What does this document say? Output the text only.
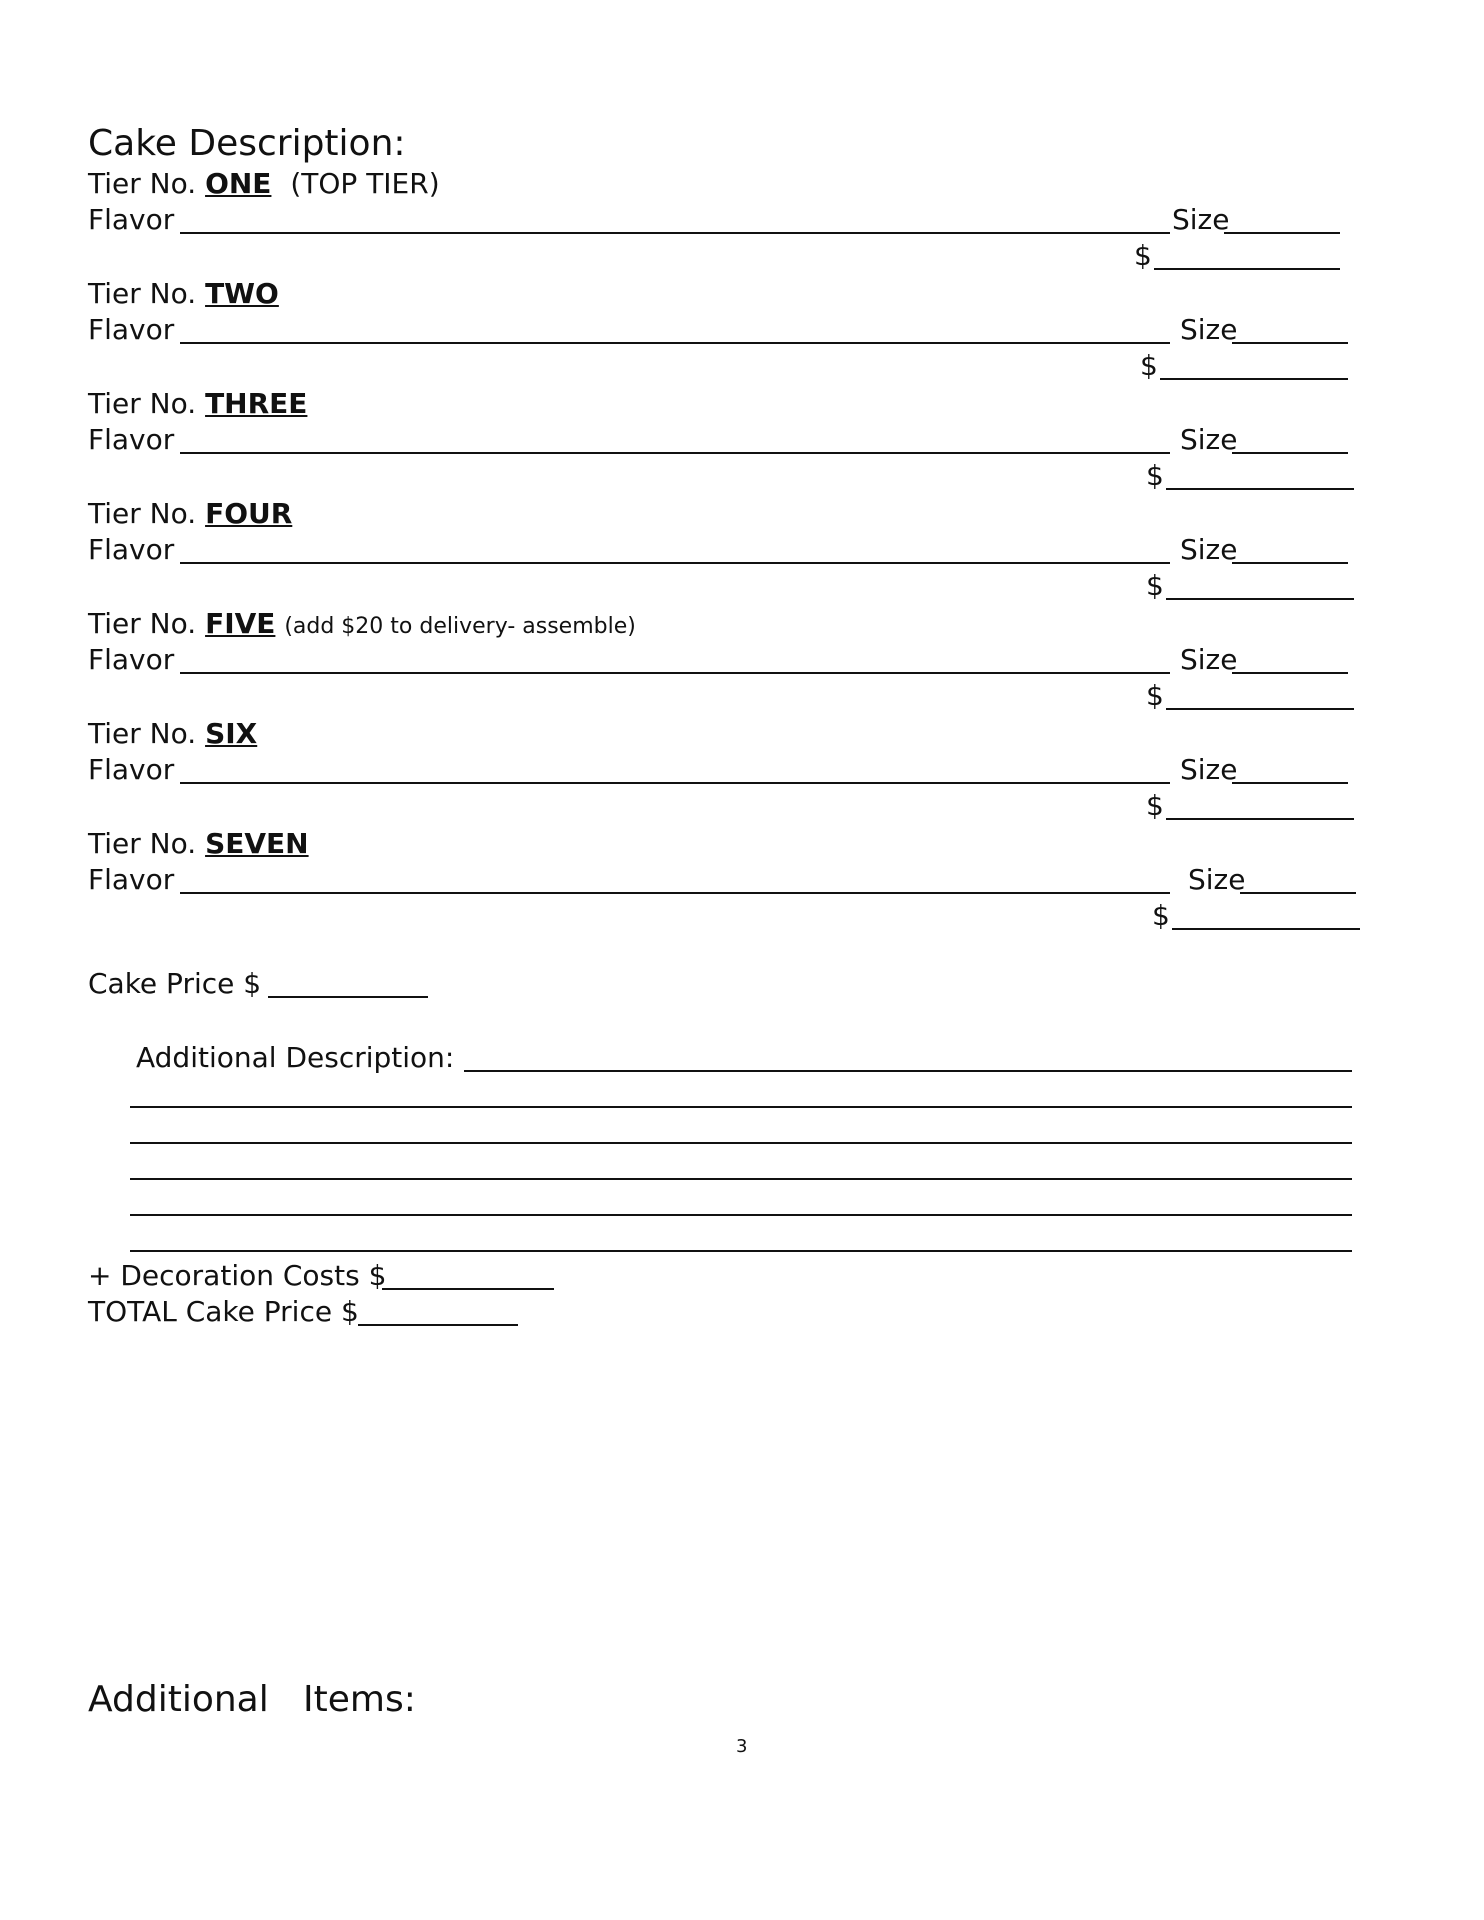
Cake Description:
Tier No. ONE (TOP TIER)
Flavor	Size
$
Tier No. TWO
Flavor	Size
$
Tier No. THREE
Flavor	Size
$
Tier No. FOUR
Flavor	Size
$
Tier No. FIVE (add $20 to delivery- assemble)
Flavor	Size
$
Tier No. SIX
Flavor	Size
$
Tier No. SEVEN
Flavor	Size
$
Cake Price $
Additional Description:
+ Decoration Costs $
TOTAL Cake Price $
Additional   Items:
3
